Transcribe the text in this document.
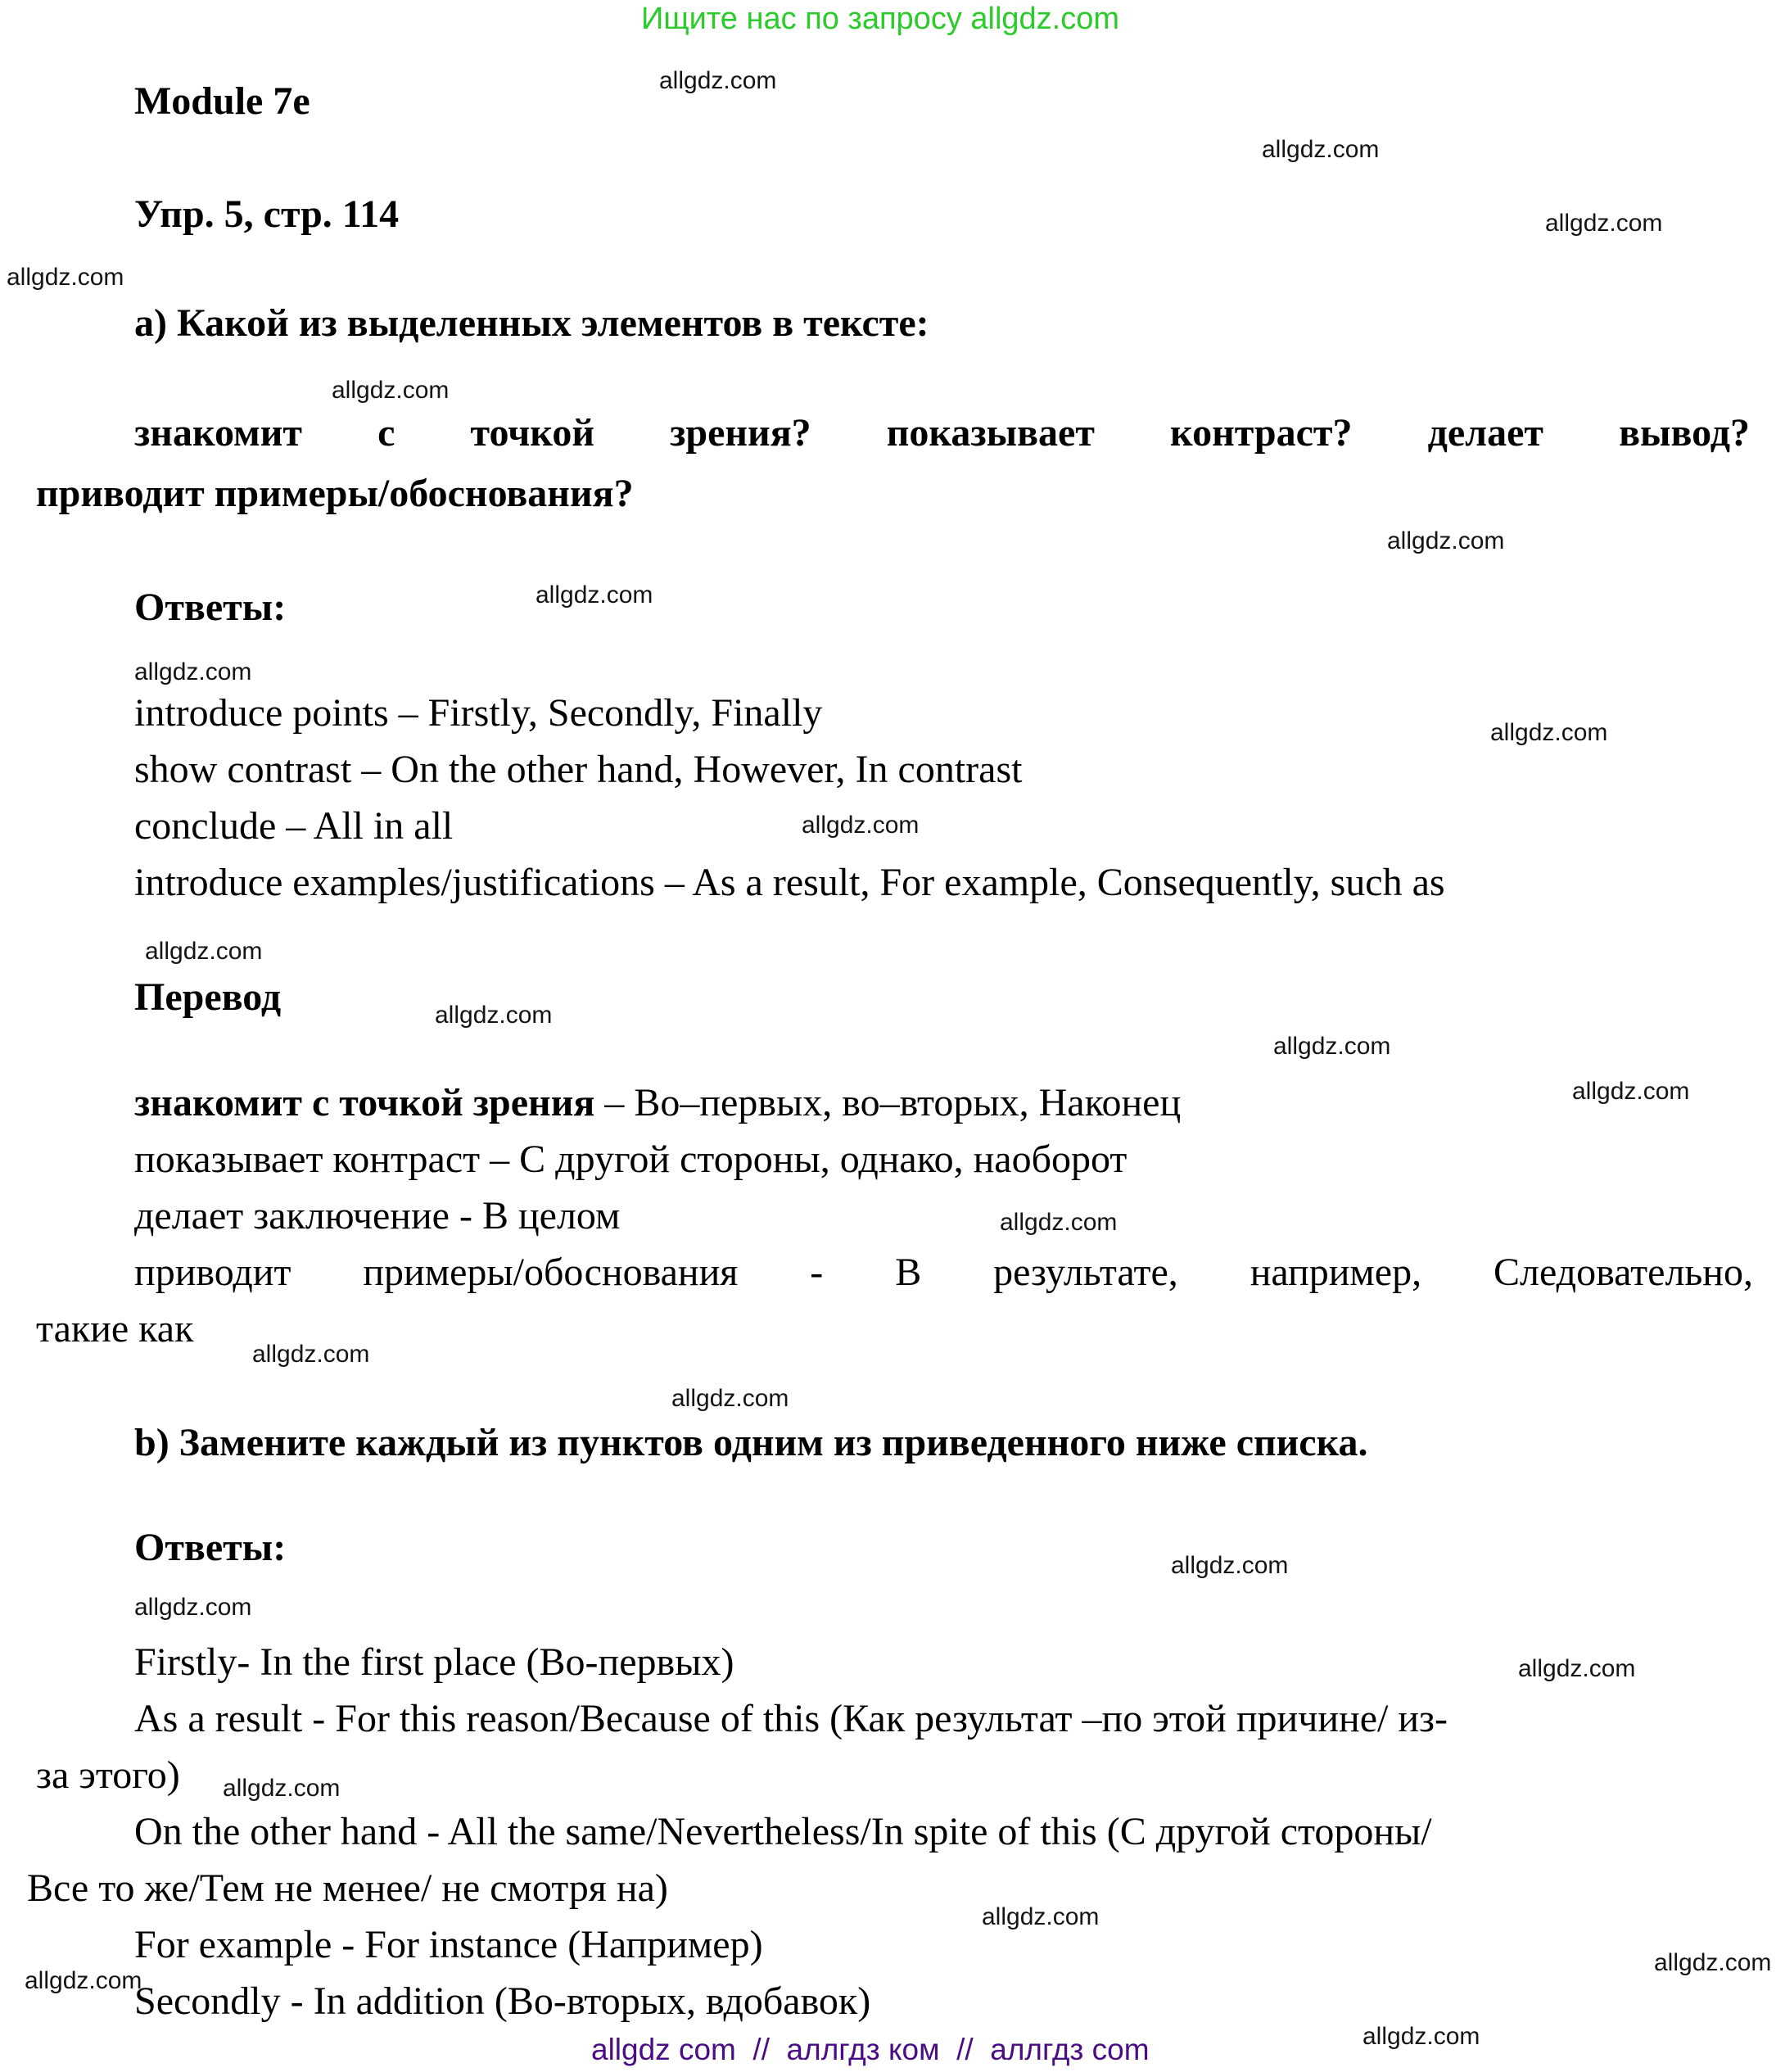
Ищите нас по запросу allgdz.com
Module 7e
Упр. 5, стр. 114
а) Какой из выделенных элементов в тексте:
знакомит с точкой зрения? показывает контраст? делает вывод?
приводит примеры/обоснования?
Ответы:
introduce points – Firstly, Secondly, Finally
show contrast – On the other hand, However, In contrast
conclude – All in all
introduce examples/justifications – As a result, For example, Consequently, such as
Перевод
знакомит с точкой зрения – Во–первых, во–вторых, Наконец
показывает контраст – С другой стороны, однако, наоборот
делает заключение - В целом
приводит примеры/обоснования - В результате, например, Следовательно,
такие как
b) Замените каждый из пунктов одним из приведенного ниже списка.
Ответы:
Firstly- In the first place (Во-первых)
As a result - For this reason/Because of this (Как результат –по этой причине/ из-
за этого)
On the other hand - All the same/Nevertheless/In spite of this (С другой стороны/
Все то же/Тем не менее/ не смотря на)
For example - For instance (Например)
Secondly - In addition (Во-вторых, вдобавок)
allgdz.com
allgdz.com
allgdz.com
allgdz.com
allgdz.com
allgdz.com
allgdz.com
allgdz.com
allgdz.com
allgdz.com
allgdz.com
allgdz.com
allgdz.com
allgdz.com
allgdz.com
allgdz.com
allgdz.com
allgdz.com
allgdz.com
allgdz.com
allgdz.com
allgdz.com
allgdz.com
allgdz.com
allgdz.com
allgdz com  //  аллгдз ком  //  аллгдз com
